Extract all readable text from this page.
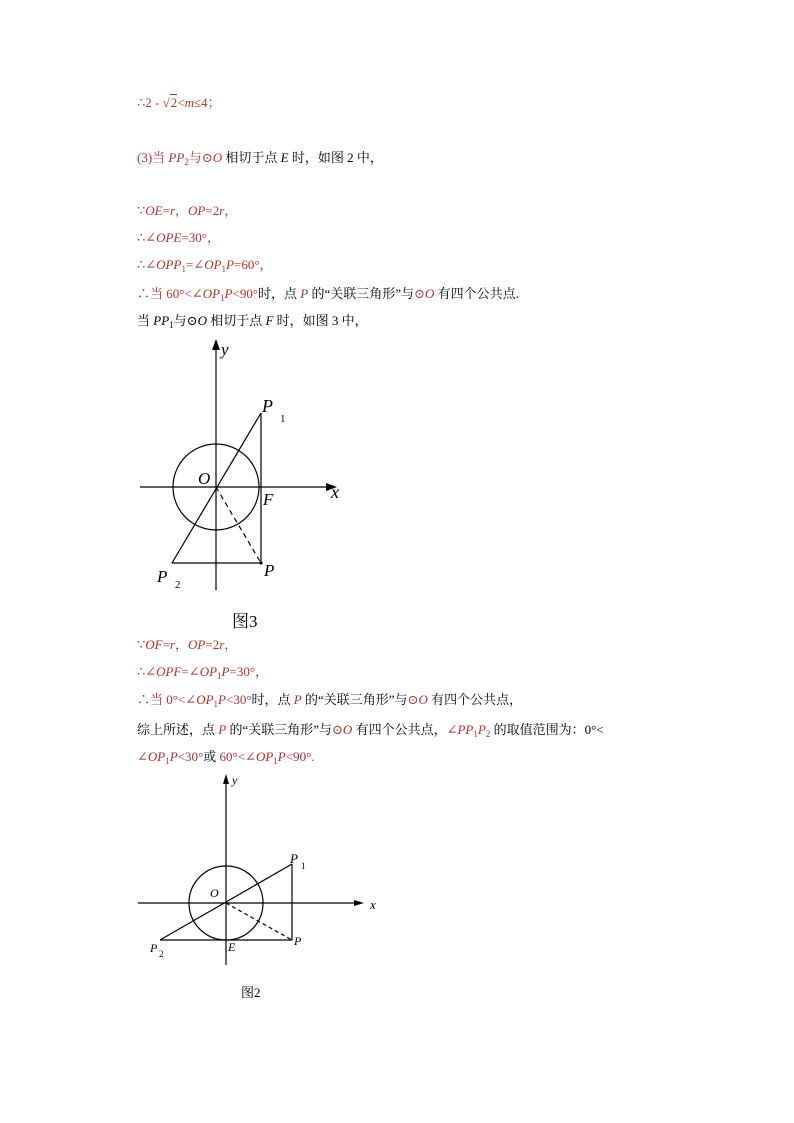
∴2 - √2<m≤4；
(3)当 $PP_2$与⊙O 相切于点 E 时，如图 2 中，
∵OE=r，OP=2r，
∴∠OPE=30°，
$\therefore\angle OPP_1=\angle OP_1P=60^\circ$，
∴当 $60^\circ<\angle OP_1P<90^\circ$时，点 P 的“关联三角形”与⊙O 有四个公共点.
当 $PP_1$与⊙O 相切于点 F 时，如图 3 中，
y
x
O
F
P
1
P
P 2
图3
∵OF=r，OP=2r，
$\therefore\angle OPF=\angle OP_1P=30^\circ$，
∴当 $0^\circ<\angle OP_1P<30^\circ$时，点 P 的“关联三角形”与⊙O 有四个公共点，
综上所述，点 P 的“关联三角形”与⊙O 有四个公共点，$\angle PP_1P_2$ 的取值范围为：0°<
$\angle OP_1P<30^\circ$或 $60^\circ<\angle OP_1P<90^\circ$.
y
x
O
E
P 1
P
P 2
图2
